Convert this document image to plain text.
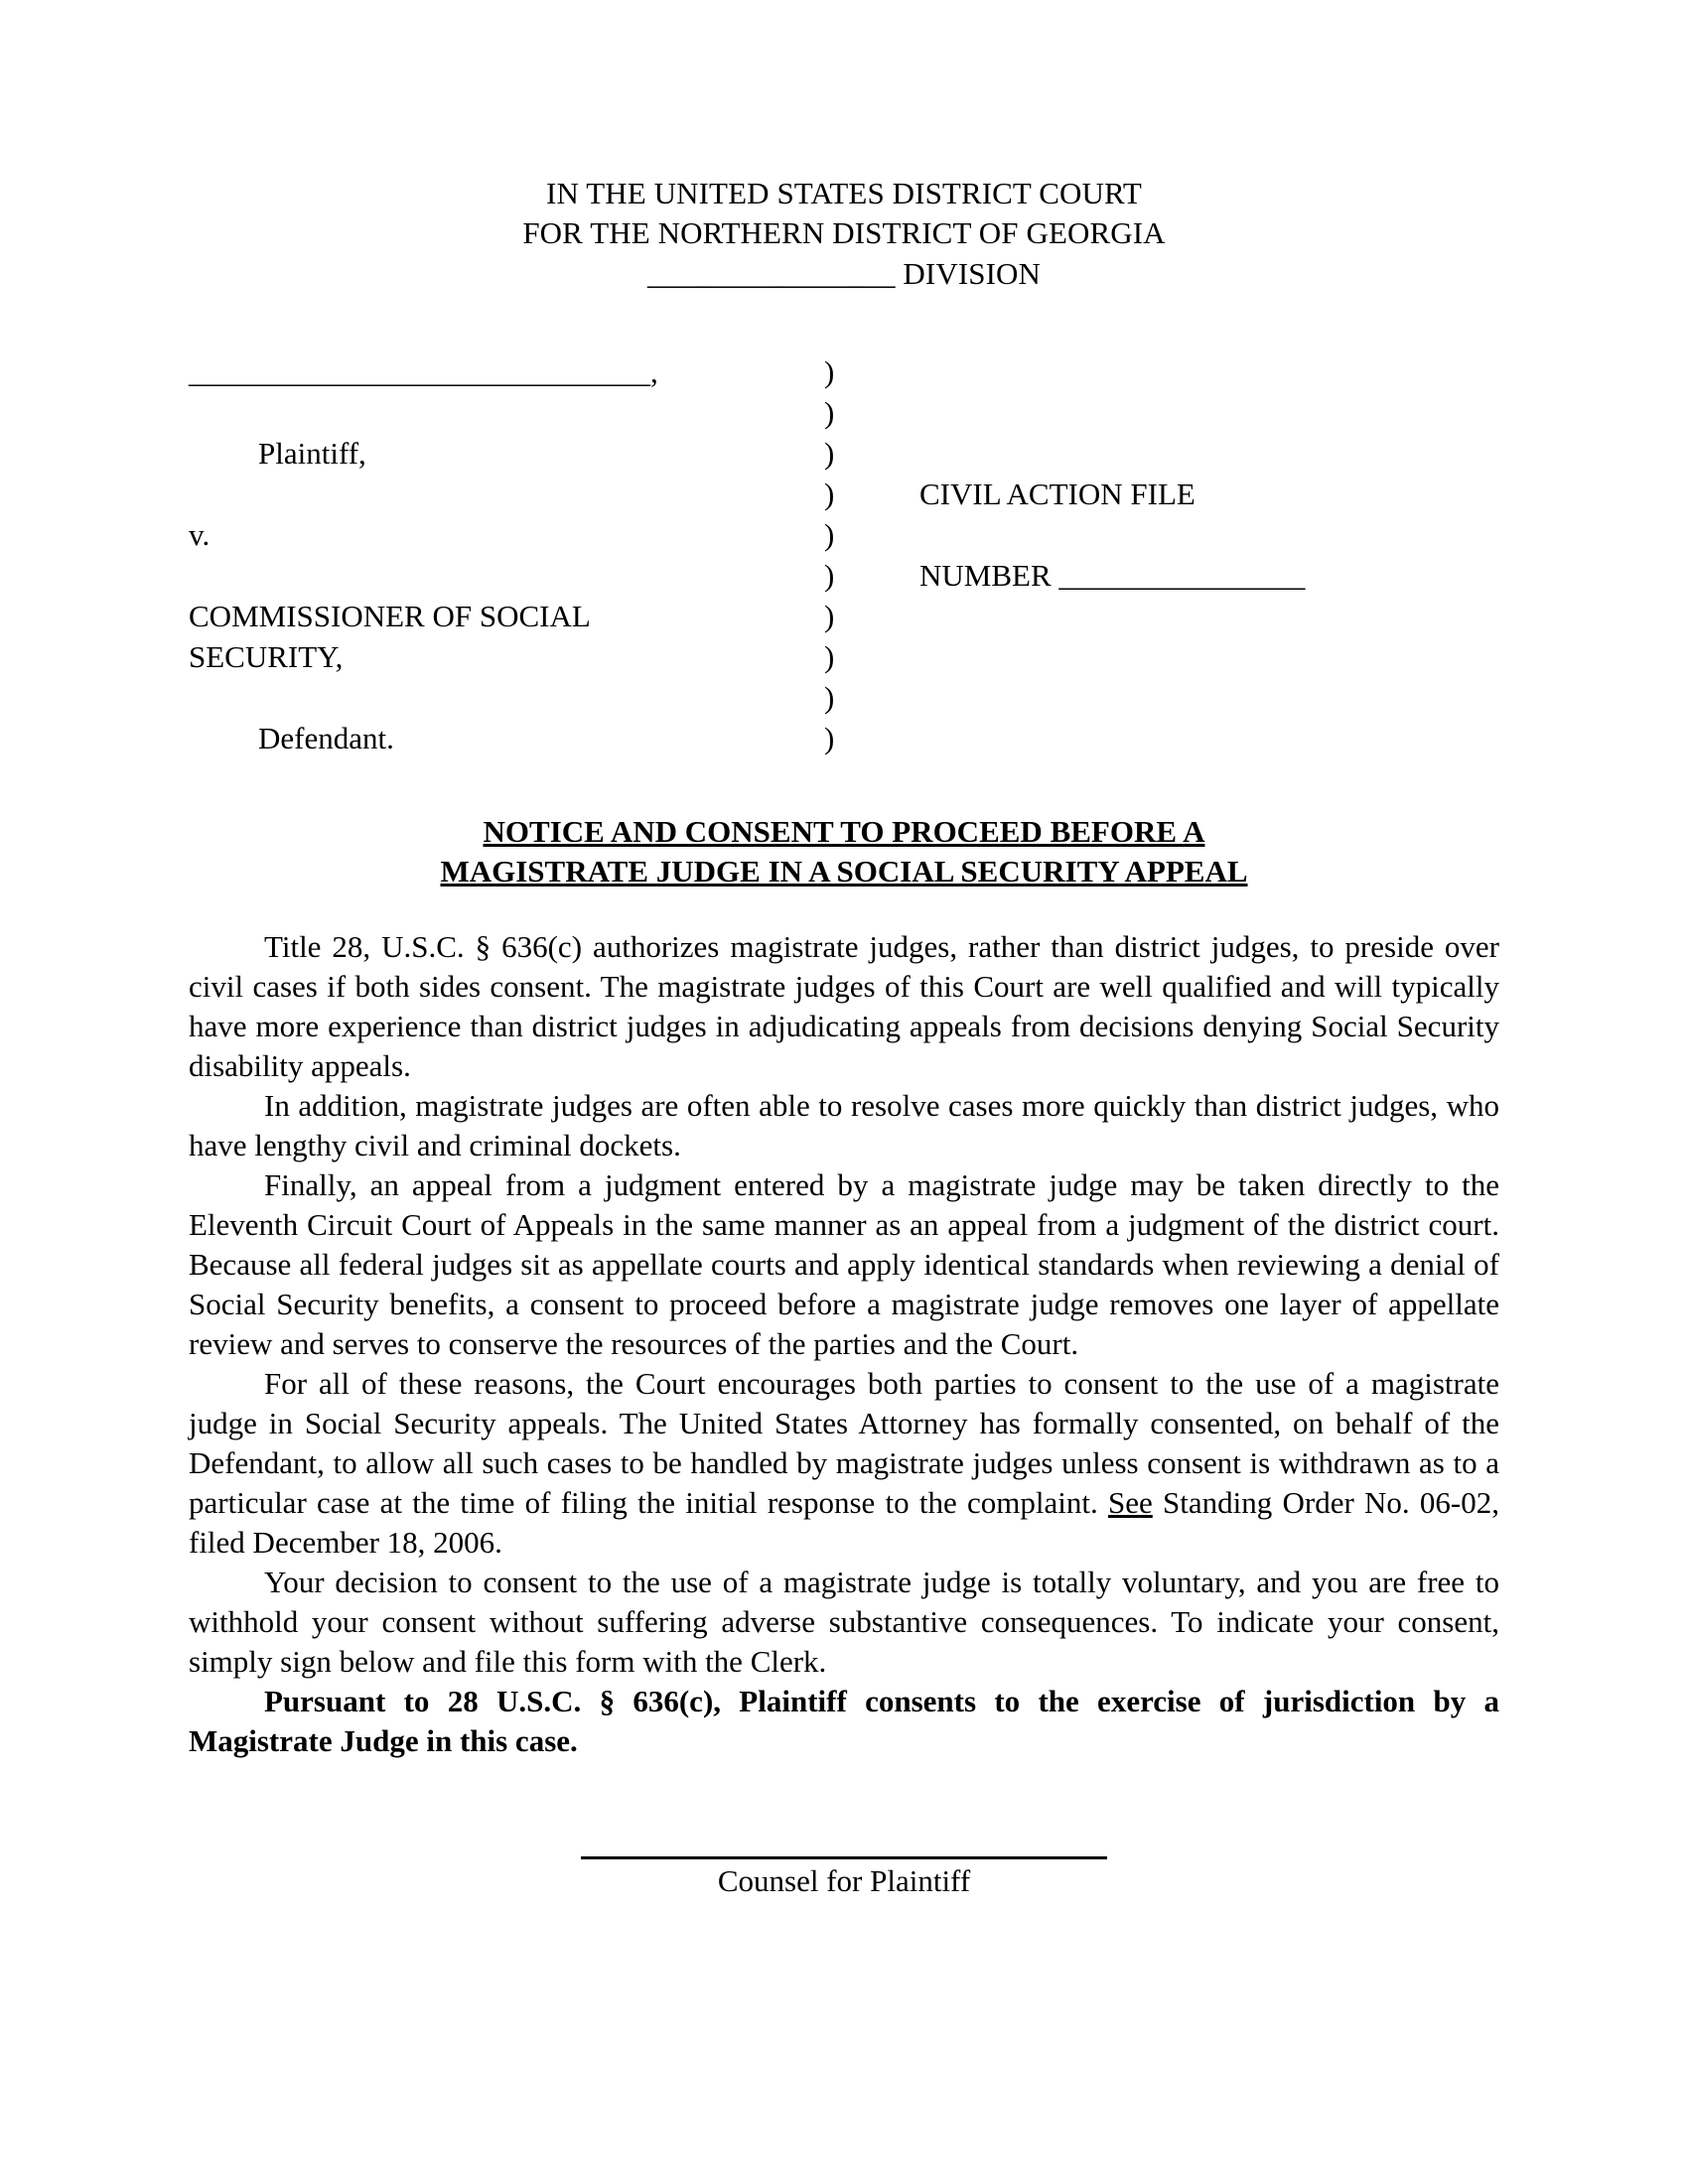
IN THE UNITED STATES DISTRICT COURT
FOR THE NORTHERN DISTRICT OF GEORGIA
________________ DIVISION
______________________________,

Plaintiff,

v.

COMMISSIONER OF SOCIAL
SECURITY,

Defendant.
)
)
)
)
)
)
)
)
)
)

CIVIL ACTION FILE

NUMBER ________________
NOTICE AND CONSENT TO PROCEED BEFORE A
MAGISTRATE JUDGE IN A SOCIAL SECURITY APPEAL

Title 28, U.S.C. § 636(c) authorizes magistrate judges, rather than district judges, to preside over civil cases if both sides consent. The magistrate judges of this Court are well qualified and will typically have more experience than district judges in adjudicating appeals from decisions denying Social Security disability appeals.

In addition, magistrate judges are often able to resolve cases more quickly than district judges, who have lengthy civil and criminal dockets.

Finally, an appeal from a judgment entered by a magistrate judge may be taken directly to the Eleventh Circuit Court of Appeals in the same manner as an appeal from a judgment of the district court. Because all federal judges sit as appellate courts and apply identical standards when reviewing a denial of Social Security benefits, a consent to proceed before a magistrate judge removes one layer of appellate review and serves to conserve the resources of the parties and the Court.

For all of these reasons, the Court encourages both parties to consent to the use of a magistrate judge in Social Security appeals. The United States Attorney has formally consented, on behalf of the Defendant, to allow all such cases to be handled by magistrate judges unless consent is withdrawn as to a particular case at the time of filing the initial response to the complaint. See Standing Order No. 06-02, filed December 18, 2006.

Your decision to consent to the use of a magistrate judge is totally voluntary, and you are free to withhold your consent without suffering adverse substantive consequences. To indicate your consent, simply sign below and file this form with the Clerk.

Pursuant to 28 U.S.C. § 636(c), Plaintiff consents to the exercise of jurisdiction by a Magistrate Judge in this case.

Counsel for Plaintiff
